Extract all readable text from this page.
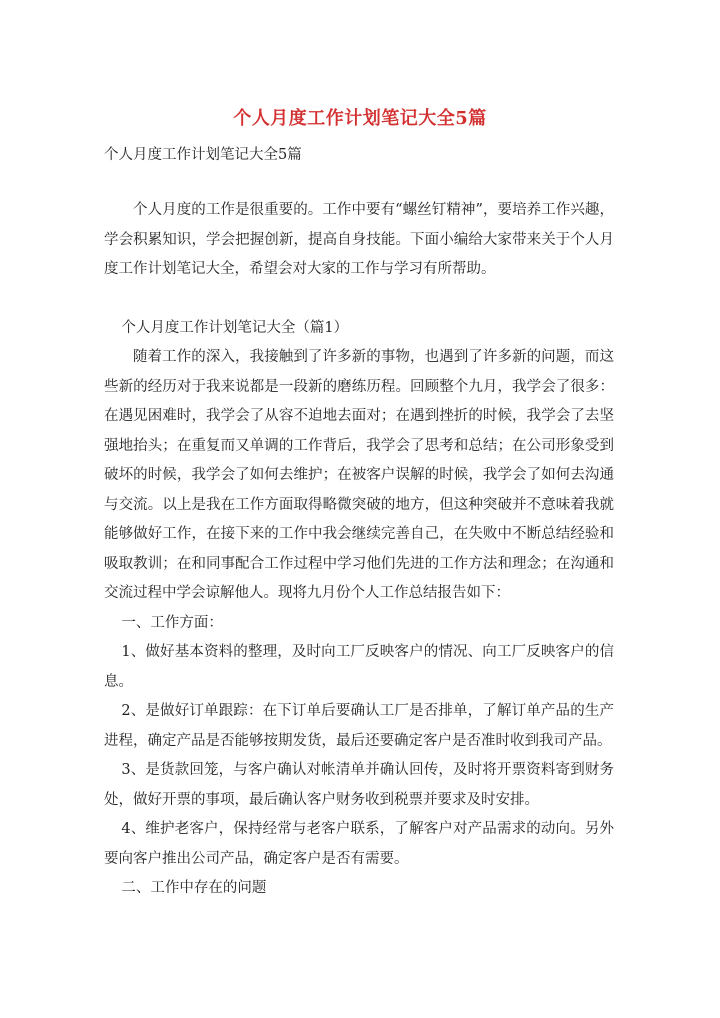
个人月度工作计划笔记大全5篇
个人月度工作计划笔记大全5篇

个人月度的工作是很重要的。工作中要有“螺丝钉精神”，要培养工作兴趣，学会积累知识，学会把握创新，提高自身技能。下面小编给大家带来关于个人月度工作计划笔记大全，希望会对大家的工作与学习有所帮助。

个人月度工作计划笔记大全（篇1）

随着工作的深入，我接触到了许多新的事物，也遇到了许多新的问题，而这些新的经历对于我来说都是一段新的磨练历程。回顾整个九月，我学会了很多：在遇见困难时，我学会了从容不迫地去面对；在遇到挫折的时候，我学会了去坚强地抬头；在重复而又单调的工作背后，我学会了思考和总结；在公司形象受到破坏的时候，我学会了如何去维护；在被客户误解的时候，我学会了如何去沟通与交流。以上是我在工作方面取得略微突破的地方，但这种突破并不意味着我就能够做好工作，在接下来的工作中我会继续完善自己，在失败中不断总结经验和吸取教训；在和同事配合工作过程中学习他们先进的工作方法和理念；在沟通和交流过程中学会谅解他人。现将九月份个人工作总结报告如下：

一、工作方面：

1、做好基本资料的整理，及时向工厂反映客户的情况、向工厂反映客户的信息。

2、是做好订单跟踪：在下订单后要确认工厂是否排单，了解订单产品的生产进程，确定产品是否能够按期发货，最后还要确定客户是否准时收到我司产品。

3、是货款回笼，与客户确认对帐清单并确认回传，及时将开票资料寄到财务处，做好开票的事项，最后确认客户财务收到税票并要求及时安排。

4、维护老客户，保持经常与老客户联系，了解客户对产品需求的动向。另外要向客户推出公司产品，确定客户是否有需要。

二、工作中存在的问题
